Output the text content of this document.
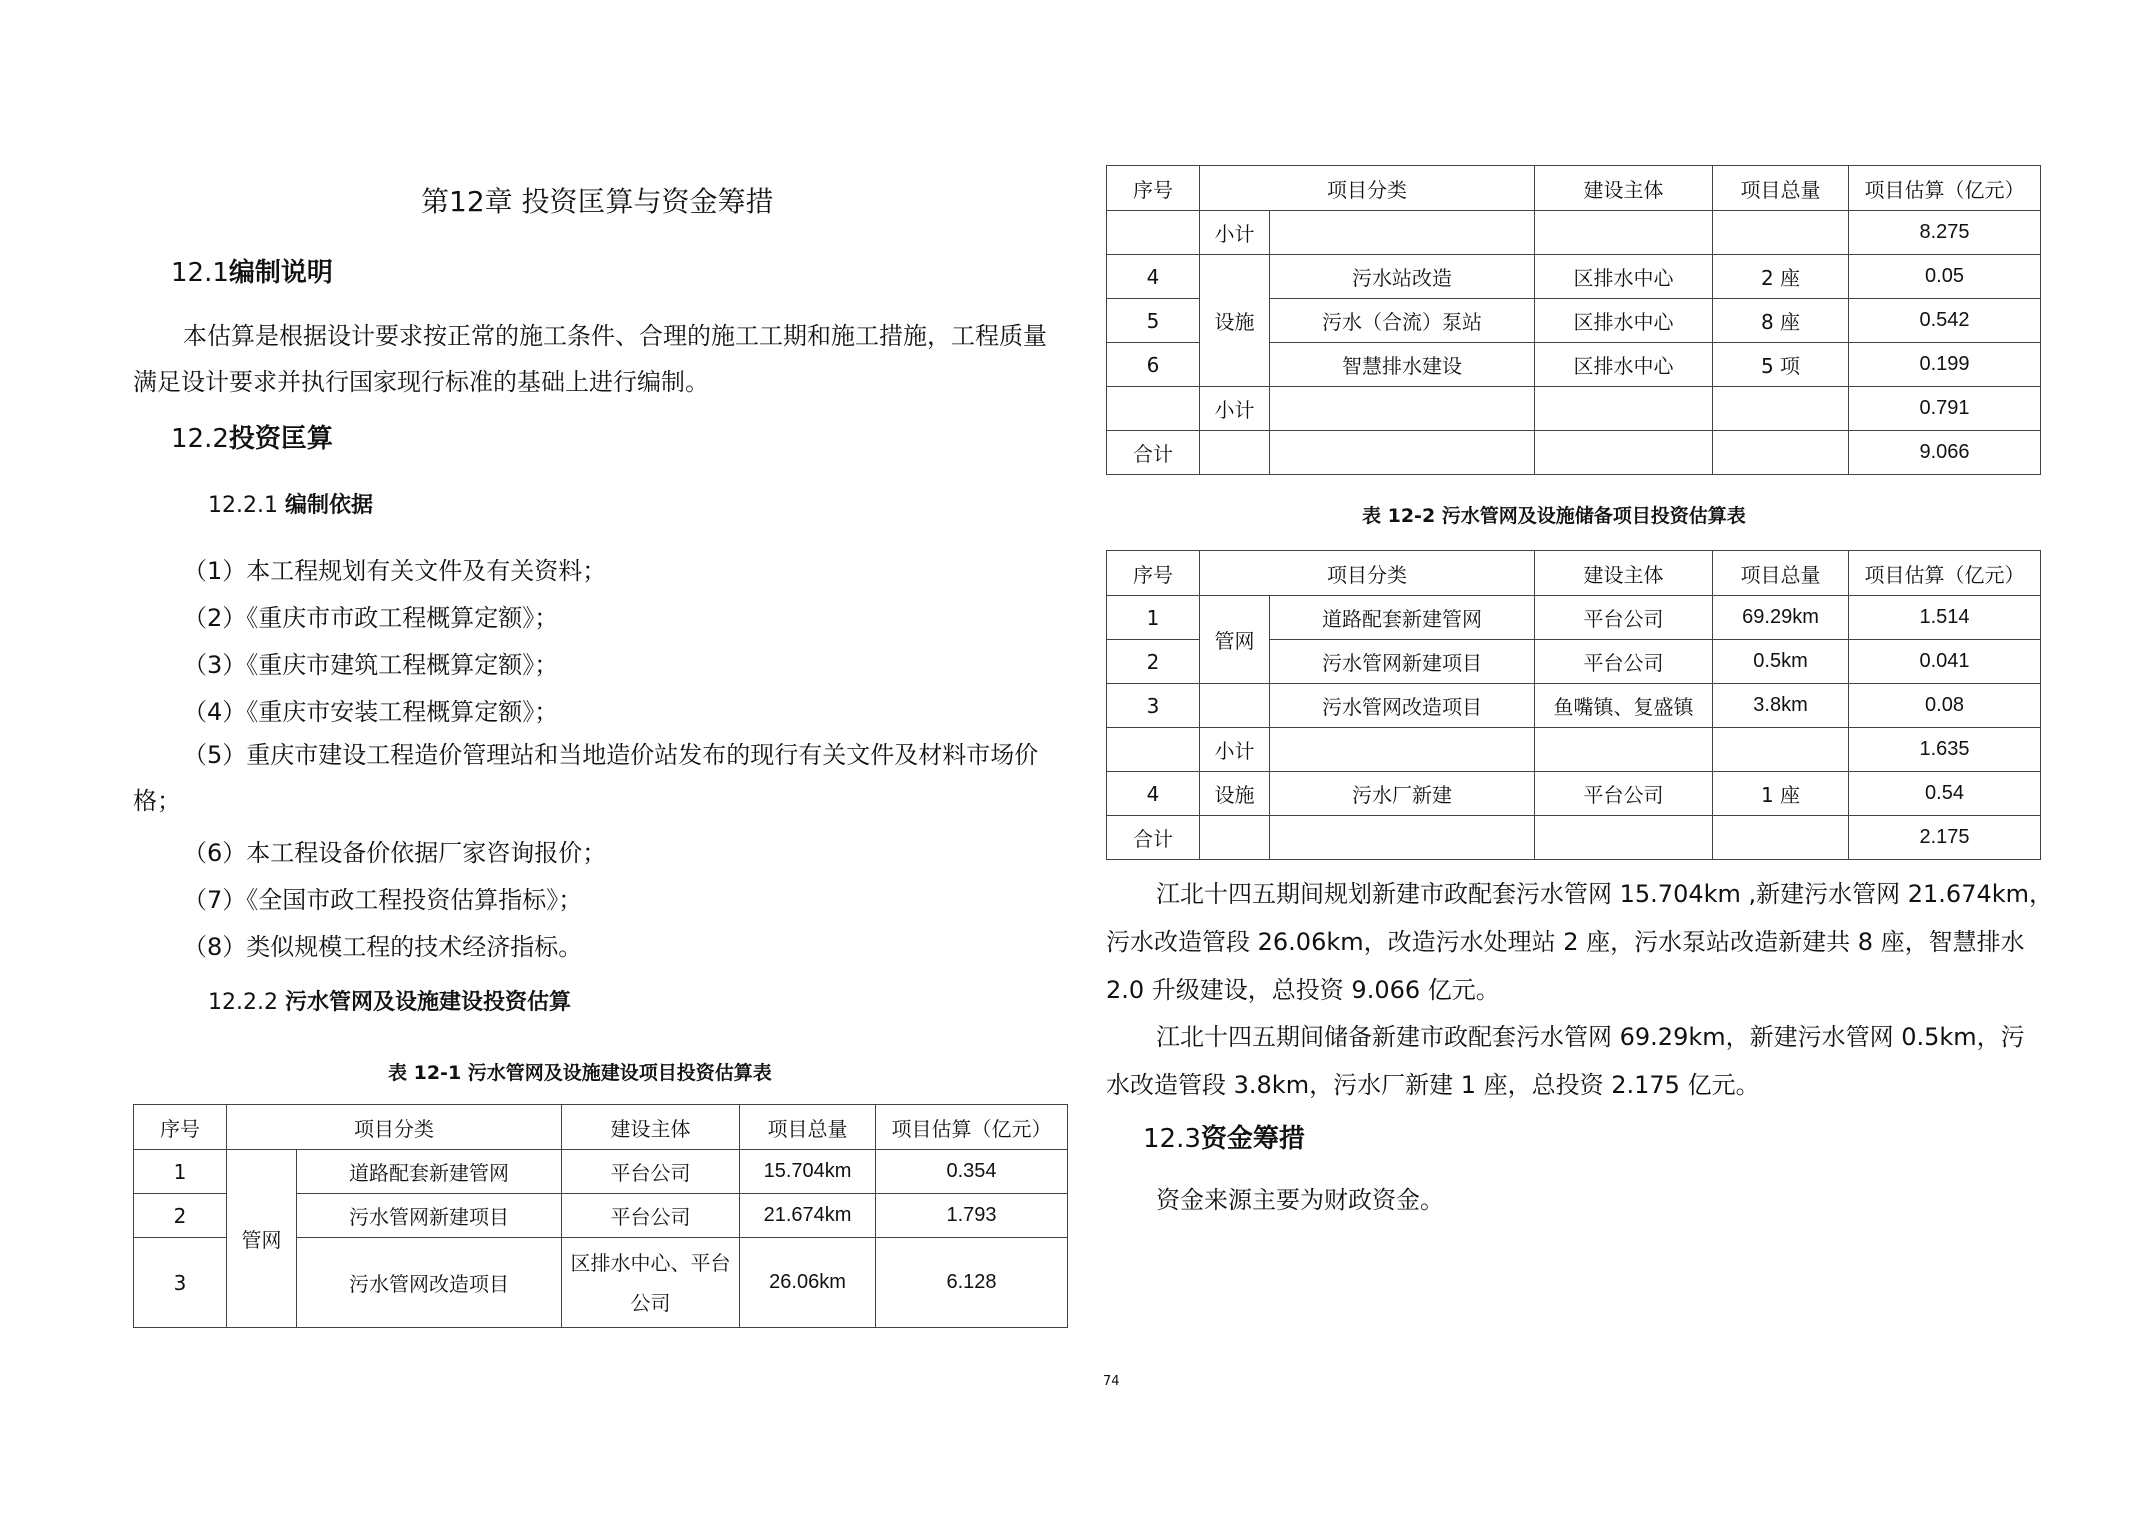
第12章 投资匡算与资金筹措
12.1编制说明
本估算是根据设计要求按正常的施工条件、合理的施工工期和施工措施，工程质量满足设计要求并执行国家现行标准的基础上进行编制。
12.2投资匡算
12.2.1 编制依据
（1）本工程规划有关文件及有关资料；
（2）《重庆市市政工程概算定额》；
（3）《重庆市建筑工程概算定额》；
（4）《重庆市安装工程概算定额》；
（5）重庆市建设工程造价管理站和当地造价站发布的现行有关文件及材料市场价格；
（6）本工程设备价依据厂家咨询报价；
（7）《全国市政工程投资估算指标》；
（8）类似规模工程的技术经济指标。
12.2.2 污水管网及设施建设投资估算
表 12-1 污水管网及设施建设项目投资估算表
序号	项目分类		建设主体	项目总量	项目估算（亿元）
1	管网	道路配套新建管网	平台公司	15.704km	0.354
2		污水管网新建项目	平台公司	21.674km	1.793
3		污水管网改造项目	区排水中心、平台公司	26.06km	6.128
序号	项目分类		建设主体	项目总量	项目估算（亿元）
	小计				8.275
4	设施	污水站改造	区排水中心	2 座	0.05
5		污水（合流）泵站	区排水中心	8 座	0.542
6		智慧排水建设	区排水中心	5 项	0.199
	小计				0.791
合计					9.066
表 12-2 污水管网及设施储备项目投资估算表
序号	项目分类		建设主体	项目总量	项目估算（亿元）
1	管网	道路配套新建管网	平台公司	69.29km	1.514
2		污水管网新建项目	平台公司	0.5km	0.041
3		污水管网改造项目	鱼嘴镇、复盛镇	3.8km	0.08
	小计				1.635
4	设施	污水厂新建	平台公司	1 座	0.54
合计					2.175
江北十四五期间规划新建市政配套污水管网 15.704km ,新建污水管网 21.674km，
污水改造管段 26.06km，改造污水处理站 2 座，污水泵站改造新建共 8 座，智慧排水
2.0 升级建设，总投资 9.066 亿元。
江北十四五期间储备新建市政配套污水管网 69.29km，新建污水管网 0.5km，污
水改造管段 3.8km，污水厂新建 1 座，总投资 2.175 亿元。
12.3资金筹措
资金来源主要为财政资金。
74
